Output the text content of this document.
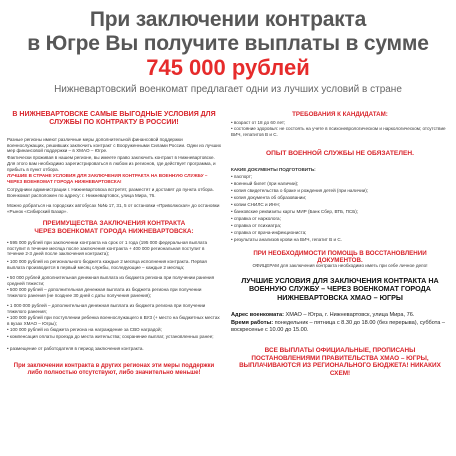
При заключении контракта
в Югре Вы получите выплаты в сумме
745 000 рублей
Нижневартовский военкомат предлагает одни из лучших условий в стране
В НИЖНЕВАРТОВСКЕ САМЫЕ ВЫГОДНЫЕ УСЛОВИЯ ДЛЯ СЛУЖБЫ ПО КОНТРАКТУ В РОССИИ!
Разные регионы имеют различные меры дополнительной финансовой поддержки военнослужащих, решивших заключить контракт с Вооруженными Силами России. Одни из лучших мер финансовой поддержки – в ХМАО – Югре.
Фактически проживая в нашем регионе, вы имеете право заключить контракт в Нижневартовске.
Для этого вам необходимо зарегистрироваться в любом из регионов, где действует программа, и прибыть в пункт отбора.
ЛУЧШИЕ В СТРАНЕ УСЛОВИЯ ДЛЯ ЗАКЛЮЧЕНИЯ КОНТРАКТА НА ВОЕННУЮ СЛУЖБУ – ЧЕРЕЗ ВОЕНКОМАТ ГОРОДА НИЖНЕВАРТОВСКА!
Сотрудники администрации г. Нижневартовска встретят, разместят и доставят до пункта отбора. Военкомат расположен по адресу: г. Нижневартовск, улица Мира, 76.
Можно добраться на городских автобусах №№ 17, 31, 5 от остановки «Приволжская» до остановки «Рынок «Сибирский Базар».
ПРЕИМУЩЕСТВА ЗАКЛЮЧЕНИЯ КОНТРАКТА
ЧЕРЕЗ ВОЕНКОМАТ ГОРОДА НИЖНЕВАРТОВСКА:
• 595 000 рублей при заключении контракта на срок от 1 года (195 000 федеральная выплата поступит в течение месяца после заключения контракта + 400 000 региональная поступит в течение 2-3 дней после заключения контракта);
• 100 000 рублей из регионального бюджета каждые 2 месяца исполнения контракта. Первая выплата производится в первый месяц службы, последующие – каждые 2 месяца;
• 50 000 рублей дополнительная денежная выплата из бюджета региона при получении ранения средней тяжести;
• 500 000 рублей – дополнительная денежная выплата из бюджета региона при получении тяжелого ранения (не позднее 30 дней с даты получения ранения);
• 1 000 000 рублей – дополнительная денежная выплата из бюджета региона при получении тяжелого ранения;
• 100 000 рублей при поступлении ребенка военнослужащего в ВУЗ (+ место на бюджетных местах в вузах ХМАО – Югры);
• 100 000 рублей из бюджета региона на награждение за СВО наградой;
• компенсация оплаты проезда до места жительства; сохранение выплат, установленных ранее;
• размещение от работодателя в период заключения контракта.
При заключении контракта в других регионах эти меры поддержки либо полностью отсутствуют, либо значительно меньше!
ТРЕБОВАНИЯ К КАНДИДАТАМ:
• возраст от 18 до 60 лет;
• состояние здоровья: не состоять на учете в психоневрологическом и наркологическом; отсутствие ВИЧ, гепатитов В и С.
ОПЫТ ВОЕННОЙ СЛУЖБЫ НЕ ОБЯЗАТЕЛЕН.
КАКИЕ ДОКУМЕНТЫ ПОДГОТОВИТЬ:
• паспорт;
• военный билет (при наличии);
• копия свидетельства о браке и рождения детей (при наличии);
• копия документа об образовании;
• копии СНИЛС и ИНН;
• банковские реквизиты карты МИР (Банк Сбер, ВТБ, ПСБ);
• справка от нарколога;
• справка от психиатра;
• справка от врача-инфекциониста;
• результаты анализов крови на ВИЧ, гепатит В и С.
ПРИ НЕОБХОДИМОСТИ ПОМОЩЬ В ВОССТАНОВЛЕНИИ ДОКУМЕНТОВ.
ОФИЦЕРАМ для заключения контракта необходимо иметь при себе личное дело!
ЛУЧШИЕ УСЛОВИЯ ДЛЯ ЗАКЛЮЧЕНИЯ КОНТРАКТА НА ВОЕННУЮ СЛУЖБУ – ЧЕРЕЗ ВОЕНКОМАТ ГОРОДА НИЖНЕВАРТОВСКА ХМАО – ЮГРЫ
Адрес военкомата: ХМАО – Югра, г. Нижневартовск, улица Мира, 76.
Время работы: понедельник – пятница с 8.30 до 18.00 (без перерыва), суббота – воскресенье с 10.00 до 15.00.
ВСЕ ВЫПЛАТЫ ОФИЦИАЛЬНЫЕ, ПРОПИСАНЫ ПОСТАНОВЛЕНИЯМИ ПРАВИТЕЛЬСТВА ХМАО – ЮГРЫ, ВЫПЛАЧИВАЮТСЯ ИЗ РЕГИОНАЛЬНОГО БЮДЖЕТА! НИКАКИХ СХЕМ!
